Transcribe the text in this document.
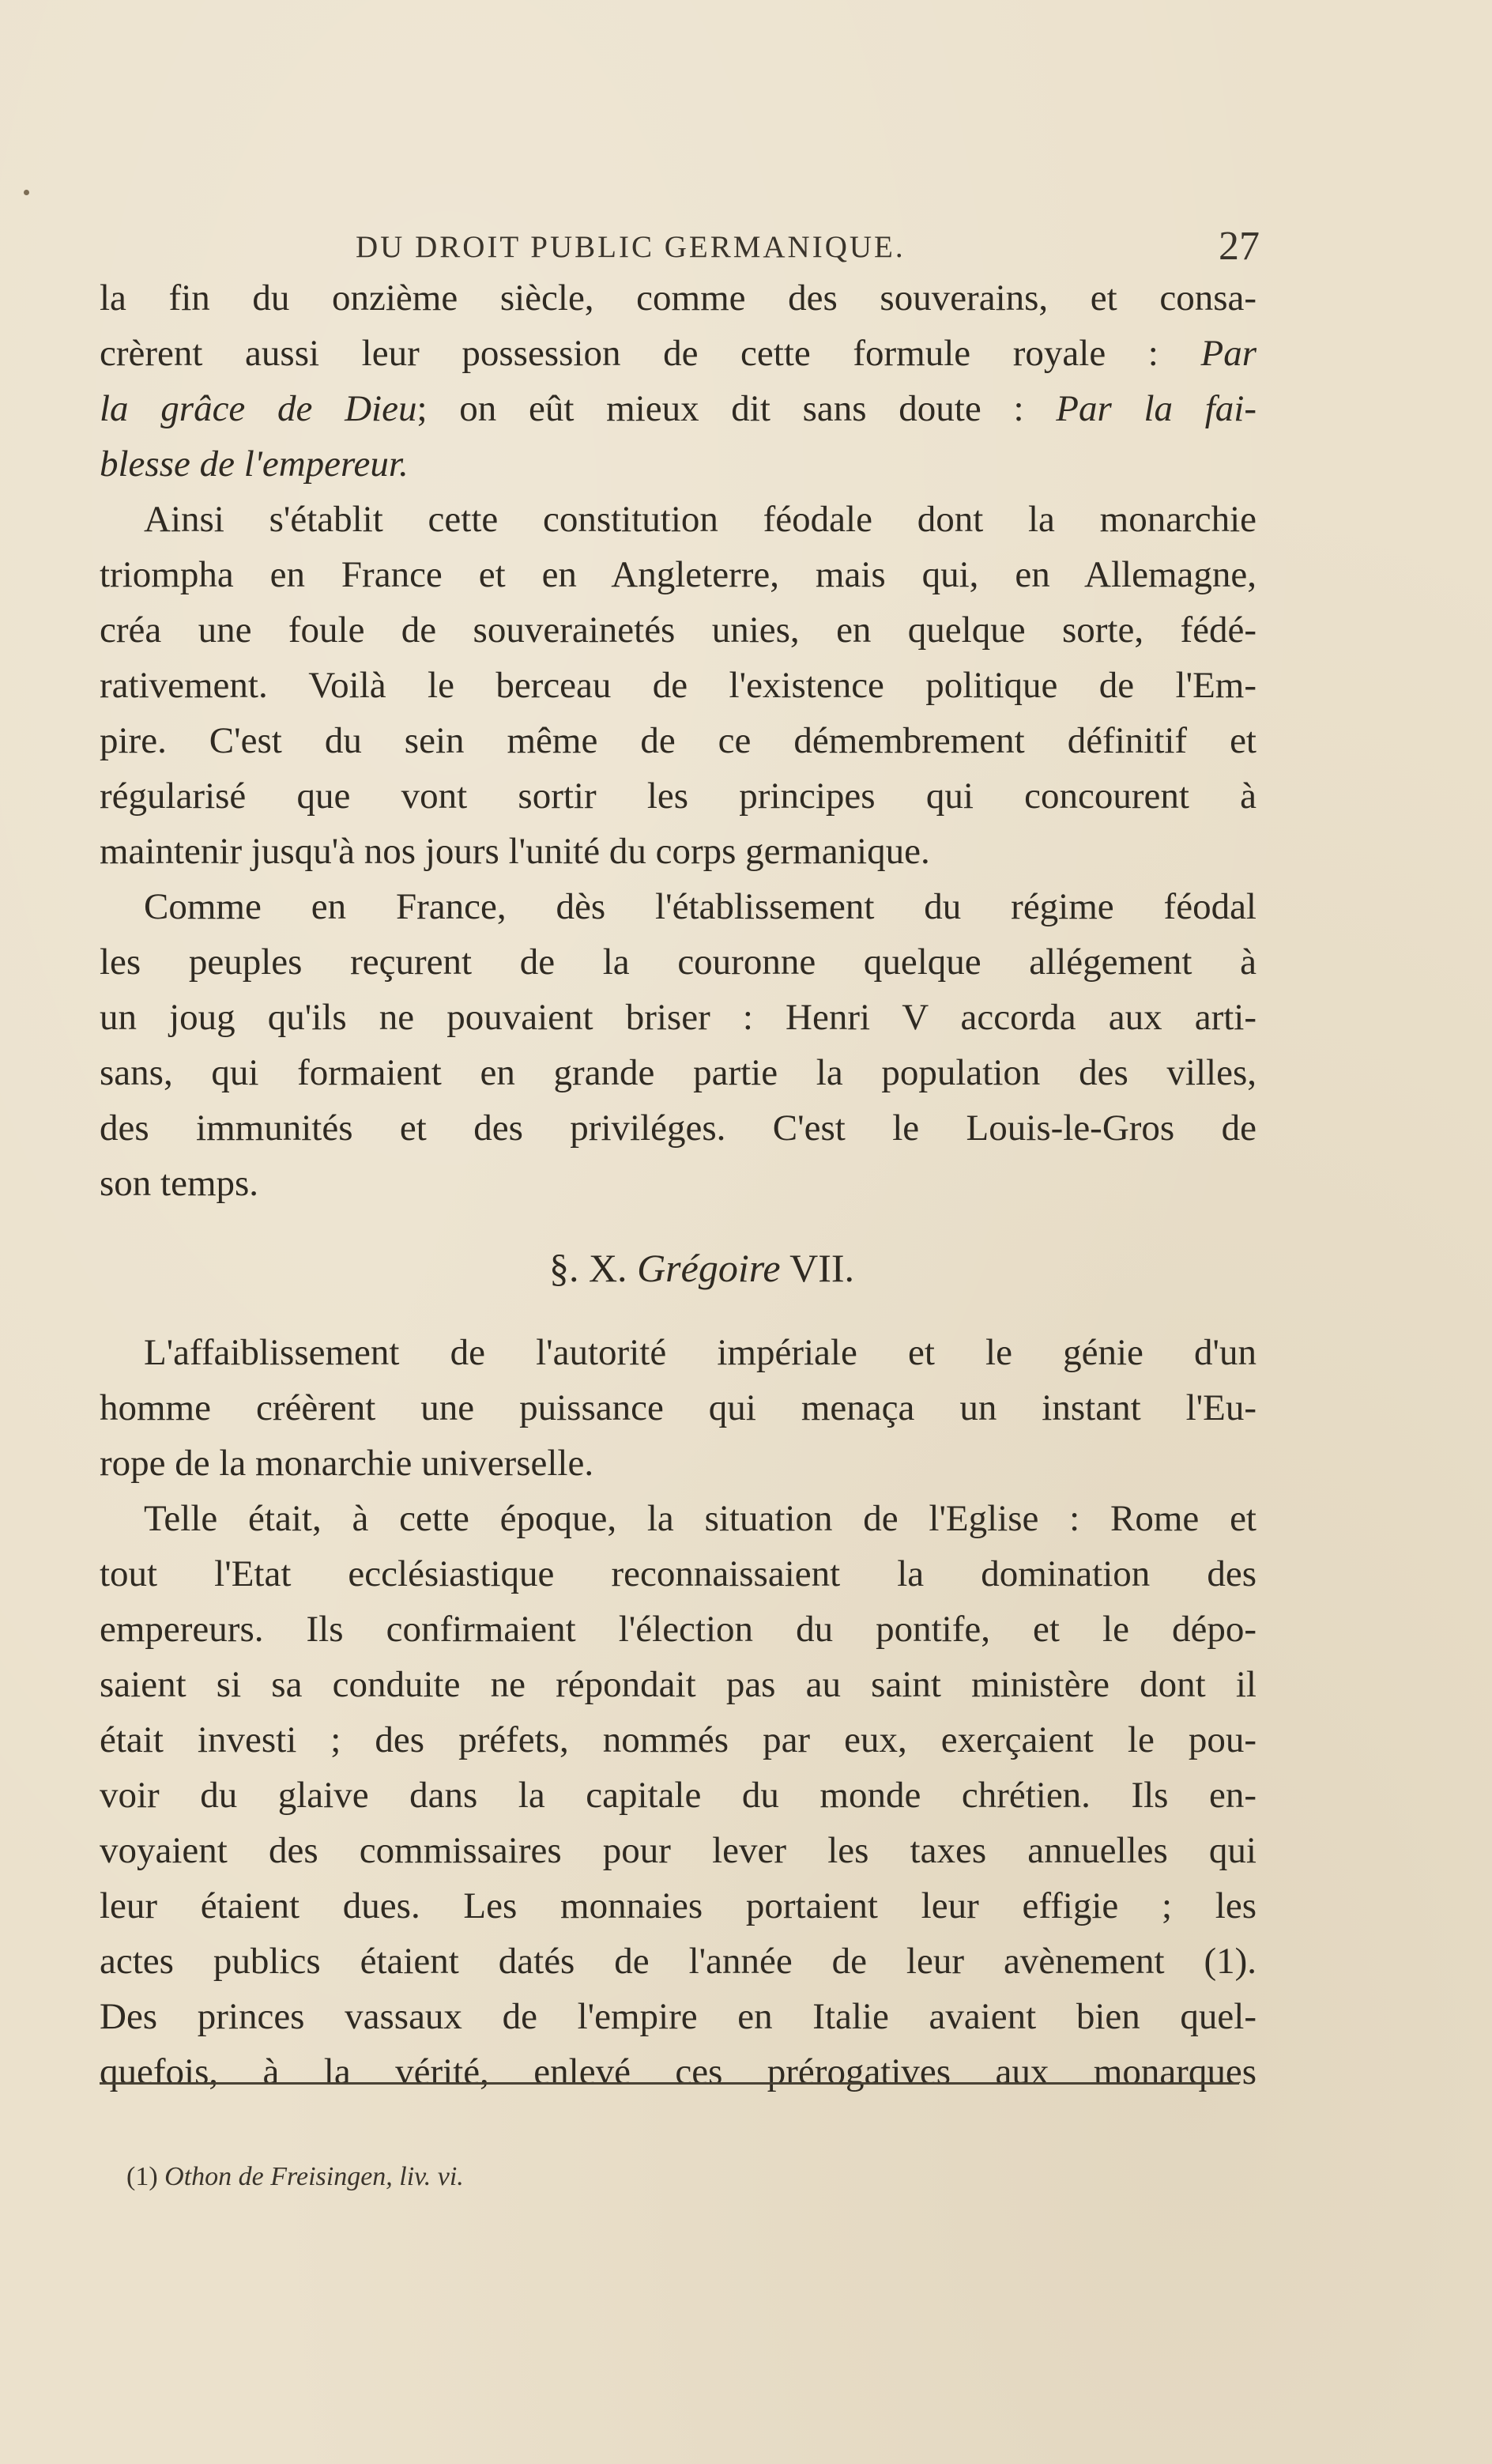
DU DROIT PUBLIC GERMANIQUE.	27
la fin du onzième siècle, comme des souverains, et consa-
crèrent aussi leur possession de cette formule royale : Par
la grâce de Dieu; on eût mieux dit sans doute : Par la fai-
blesse de l'empereur.
Ainsi s'établit cette constitution féodale dont la monarchie
triompha en France et en Angleterre, mais qui, en Allemagne,
créa une foule de souverainetés unies, en quelque sorte, fédé-
rativement. Voilà le berceau de l'existence politique de l'Em-
pire. C'est du sein même de ce démembrement définitif et
régularisé que vont sortir les principes qui concourent à
maintenir jusqu'à nos jours l'unité du corps germanique.
Comme en France, dès l'établissement du régime féodal
les peuples reçurent de la couronne quelque allégement à
un joug qu'ils ne pouvaient briser : Henri V accorda aux arti-
sans, qui formaient en grande partie la population des villes,
des immunités et des priviléges. C'est le Louis-le-Gros de
son temps.
§. X. Grégoire VII.
L'affaiblissement de l'autorité impériale et le génie d'un
homme créèrent une puissance qui menaça un instant l'Eu-
rope de la monarchie universelle.
Telle était, à cette époque, la situation de l'Eglise : Rome et
tout l'Etat ecclésiastique reconnaissaient la domination des
empereurs. Ils confirmaient l'élection du pontife, et le dépo-
saient si sa conduite ne répondait pas au saint ministère dont il
était investi ; des préfets, nommés par eux, exerçaient le pou-
voir du glaive dans la capitale du monde chrétien. Ils en-
voyaient des commissaires pour lever les taxes annuelles qui
leur étaient dues. Les monnaies portaient leur effigie ; les
actes publics étaient datés de l'année de leur avènement (1).
Des princes vassaux de l'empire en Italie avaient bien quel-
quefois, à la vérité, enlevé ces prérogatives aux monarques
(1) Othon de Freisingen, liv. vi.
